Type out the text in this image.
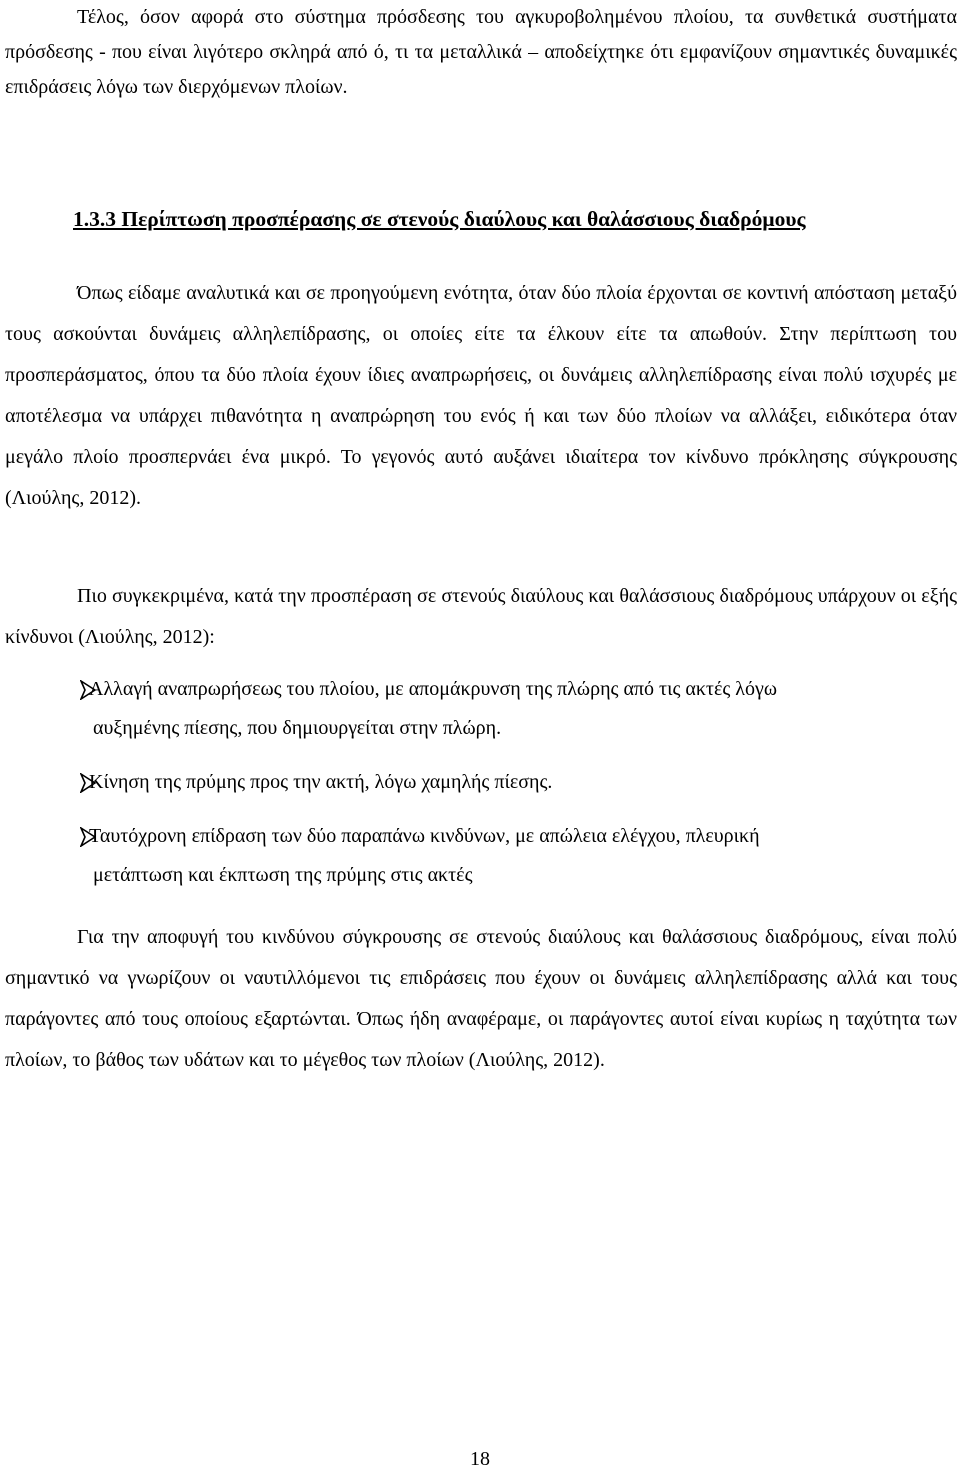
Τέλος, όσον αφορά στο σύστημα πρόσδεσης του αγκυροβολημένου πλοίου, τα συνθετικά συστήματα πρόσδεσης - που είναι λιγότερο σκληρά από ό, τι τα μεταλλικά – αποδείχτηκε ότι εμφανίζουν σημαντικές δυναμικές επιδράσεις λόγω των διερχόμενων πλοίων.

1.3.3 Περίπτωση προσπέρασης σε στενούς διαύλους και θαλάσσιους διαδρόμους

Όπως είδαμε αναλυτικά και σε προηγούμενη ενότητα, όταν δύο πλοία έρχονται σε κοντινή απόσταση μεταξύ τους ασκούνται δυνάμεις αλληλεπίδρασης, οι οποίες είτε τα έλκουν είτε τα απωθούν. Στην περίπτωση του προσπεράσματος, όπου τα δύο πλοία έχουν ίδιες αναπρωρήσεις, οι δυνάμεις αλληλεπίδρασης είναι πολύ ισχυρές με αποτέλεσμα να υπάρχει πιθανότητα η αναπρώρηση του ενός ή και των δύο πλοίων να αλλάξει, ειδικότερα όταν μεγάλο πλοίο προσπερνάει ένα μικρό. Το γεγονός αυτό αυξάνει ιδιαίτερα τον κίνδυνο πρόκλησης σύγκρουσης (Λιούλης, 2012).

Πιο συγκεκριμένα, κατά την προσπέραση σε στενούς διαύλους και θαλάσσιους διαδρόμους υπάρχουν οι εξής κίνδυνοι (Λιούλης, 2012):

Αλλαγή αναπρωρήσεως του πλοίου, με απομάκρυνση της πλώρης από τις ακτές λόγω
αυξημένης πίεσης, που δημιουργείται στην πλώρη.
Κίνηση της πρύμης προς την ακτή, λόγω χαμηλής πίεσης.
Ταυτόχρονη επίδραση των δύο παραπάνω κινδύνων, με απώλεια ελέγχου, πλευρική
μετάπτωση και έκπτωση της πρύμης στις ακτές

Για την αποφυγή του κινδύνου σύγκρουσης σε στενούς διαύλους και θαλάσσιους διαδρόμους, είναι πολύ σημαντικό να γνωρίζουν οι ναυτιλλόμενοι τις επιδράσεις που έχουν οι δυνάμεις αλληλεπίδρασης αλλά και τους παράγοντες από τους οποίους εξαρτώνται. Όπως ήδη αναφέραμε, οι παράγοντες αυτοί είναι κυρίως η ταχύτητα των πλοίων, το βάθος των υδάτων και το μέγεθος των πλοίων (Λιούλης, 2012).

18
